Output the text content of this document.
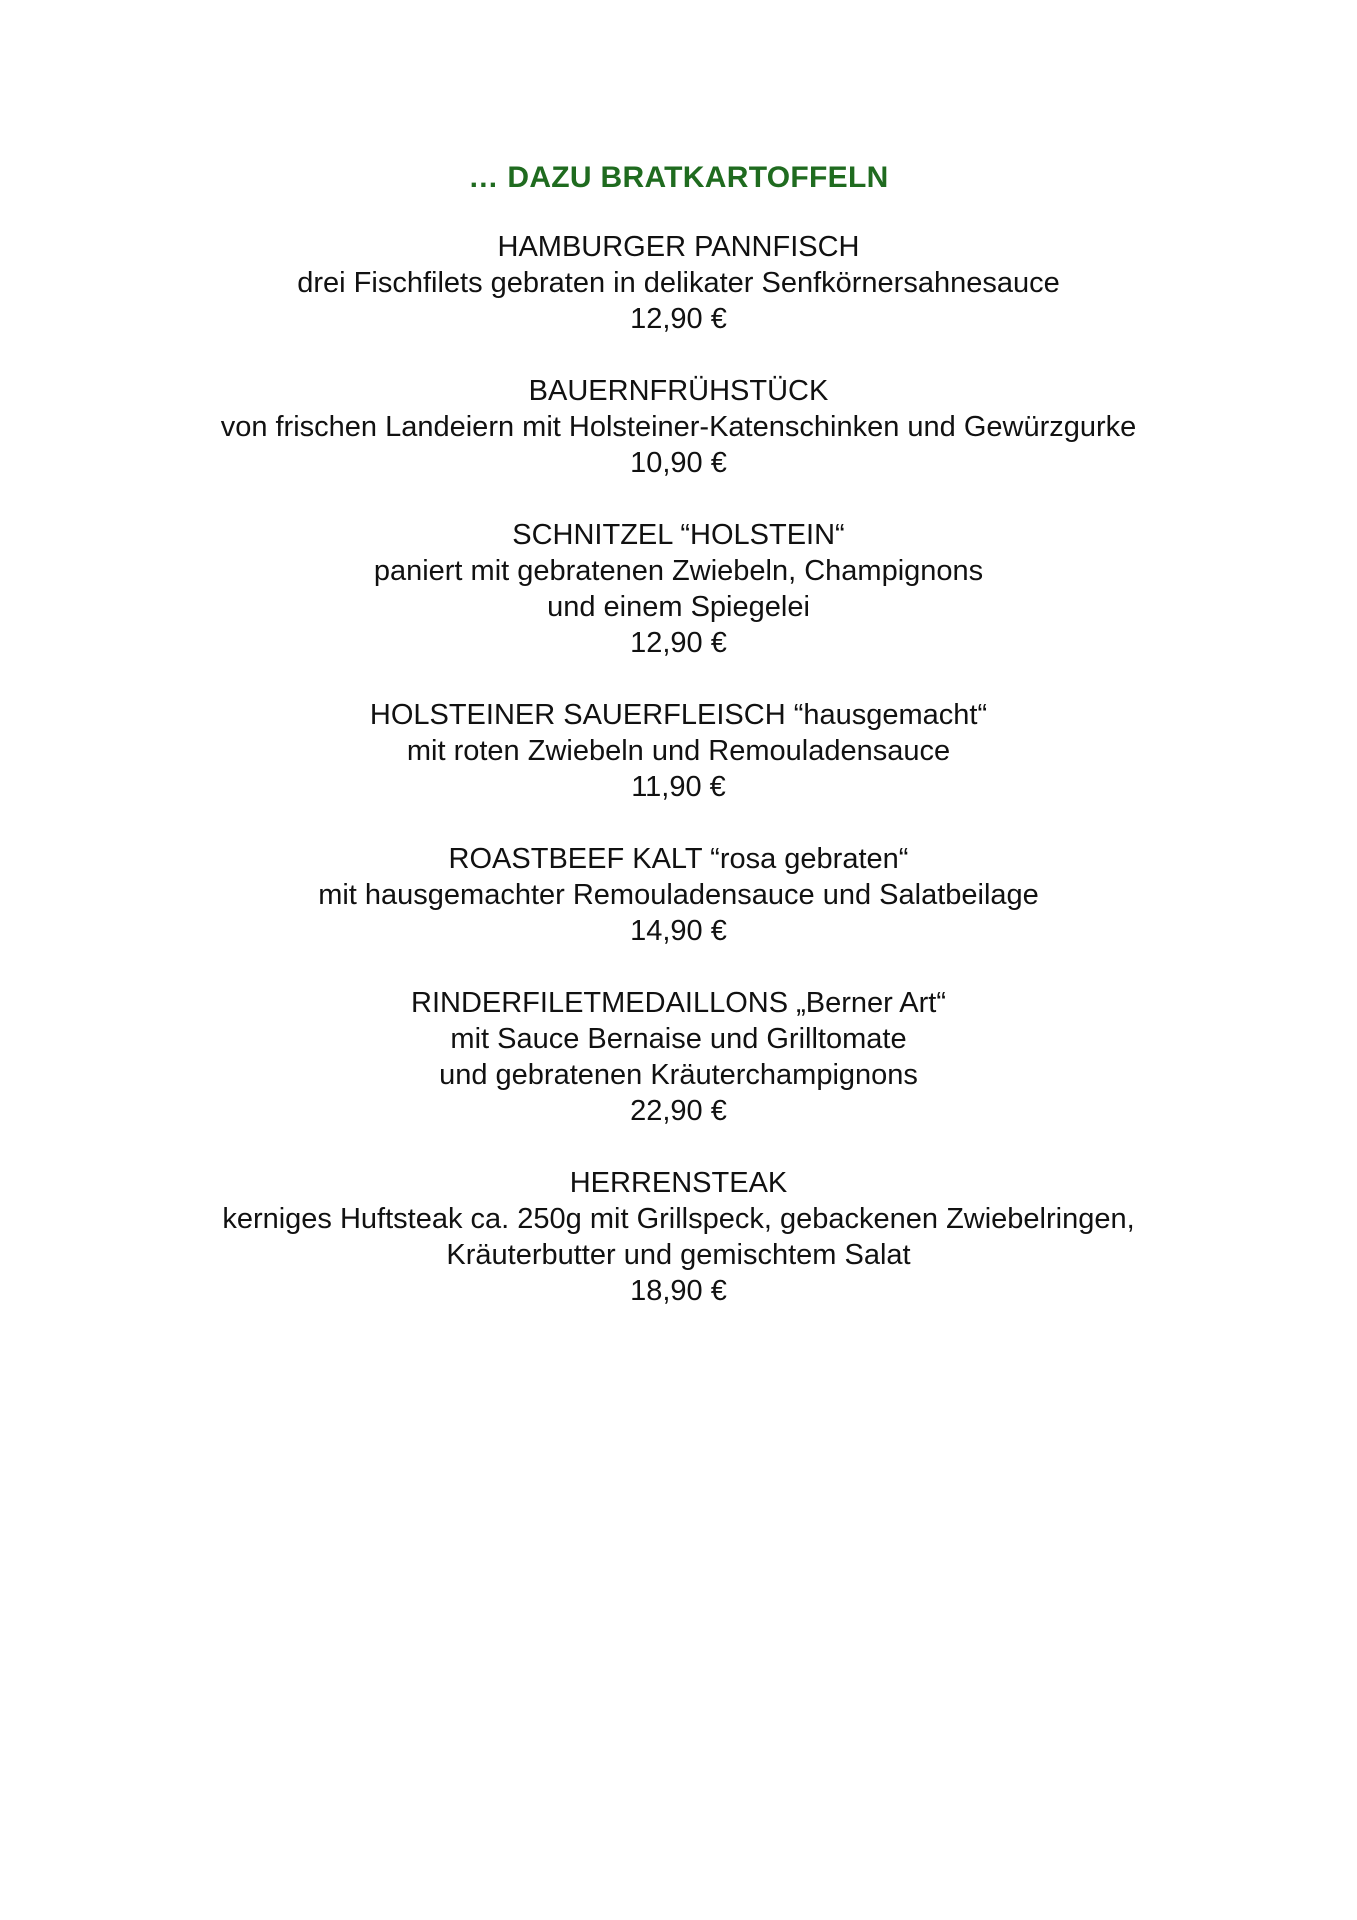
… DAZU BRATKARTOFFELN
HAMBURGER PANNFISCH
drei Fischfilets gebraten in delikater Senfkörnersahnesauce
12,90 €
BAUERNFRÜHSTÜCK
von frischen Landeiern mit Holsteiner-Katenschinken und Gewürzgurke
10,90 €
SCHNITZEL “HOLSTEIN“
paniert mit gebratenen Zwiebeln, Champignons
und einem Spiegelei
12,90 €
HOLSTEINER SAUERFLEISCH “hausgemacht“
mit roten Zwiebeln und Remouladensauce
11,90 €
ROASTBEEF KALT “rosa gebraten“
mit hausgemachter Remouladensauce und Salatbeilage
14,90 €
RINDERFILETMEDAILLONS „Berner Art“
mit Sauce Bernaise und Grilltomate
und gebratenen Kräuterchampignons
22,90 €
HERRENSTEAK
kerniges Huftsteak ca. 250g mit Grillspeck, gebackenen Zwiebelringen,
Kräuterbutter und gemischtem Salat
18,90 €
